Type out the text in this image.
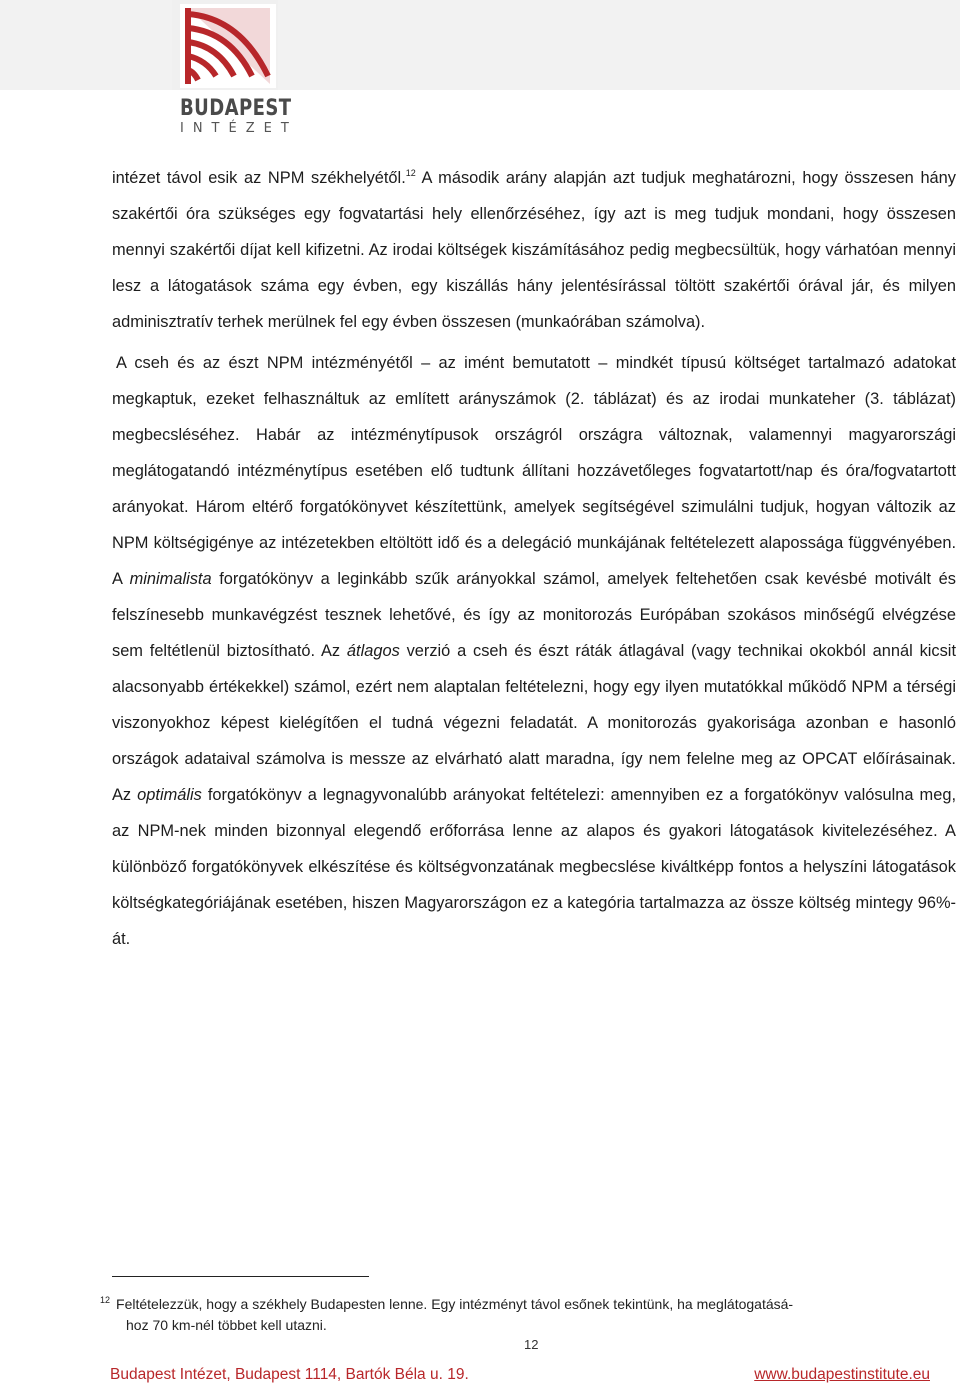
BUDAPEST
INTÉZET

intézet távol esik az NPM székhelyétől.$^{12}$ A második arány alapján azt tudjuk meghatározni, hogy összesen hány szakértői óra szükséges egy fogvatartási hely ellenőrzéséhez, így azt is meg tudjuk mondani, hogy összesen mennyi szakértői díjat kell kifizetni. Az irodai költségek kiszámításához pedig megbecsültük, hogy várhatóan mennyi lesz a látogatások száma egy évben, egy kiszállás hány jelentésírással töltött szakértői órával jár, és milyen adminisztratív terhek merülnek fel egy évben összesen (munkaórában számolva).

A cseh és az észt NPM intézményétől – az imént bemutatott – mindkét típusú költséget tartalmazó adatokat megkaptuk, ezeket felhasználtuk az említett arányszámok (2. táblázat) és az irodai munkateher (3. táblázat) megbecsléséhez. Habár az intézménytípusok országról országra változnak, valamennyi magyarországi meglátogatandó intézménytípus esetében elő tudtunk állítani hozzávetőleges fogvatartott/nap és óra/fogvatartott arányokat. Három eltérő forgatókönyvet készítettünk, amelyek segítségével szimulálni tudjuk, hogyan változik az NPM költségigénye az intézetekben eltöltött idő és a delegáció munkájának feltételezett alapossága függvényében. A minimalista forgatókönyv a leginkább szűk arányokkal számol, amelyek feltehetően csak kevésbé motivált és felszínesebb munkavégzést tesznek lehetővé, és így az monitorozás Európában szokásos minőségű elvégzése sem feltétlenül biztosítható. Az átlagos verzió a cseh és észt ráták átlagával (vagy technikai okokból annál kicsit alacsonyabb értékekkel) számol, ezért nem alaptalan feltételezni, hogy egy ilyen mutatókkal működő NPM a térségi viszonyokhoz képest kielégítően el tudná végezni feladatát. A monitorozás gyakorisága azonban e hasonló országok adataival számolva is messze az elvárható alatt maradna, így nem felelne meg az OPCAT előírásainak. Az optimális forgatókönyv a legnagyvonalúbb arányokat feltételezi: amennyiben ez a forgatókönyv valósulna meg, az NPM-nek minden bizonnyal elegendő erőforrása lenne az alapos és gyakori látogatások kivitelezéséhez. A különböző forgatókönyvek elkészítése és költségvonzatának megbecslése kiváltképp fontos a helyszíni látogatások költségkategóriájának esetében, hiszen Magyarországon ez a kategória tartalmazza az össze költség mintegy 96%-át.

$^{12}$ Feltételezzük, hogy a székhely Budapesten lenne. Egy intézményt távol esőnek tekintünk, ha meglátogatásá-
hoz 70 km-nél többet kell utazni.
12
Budapest Intézet, Budapest 1114, Bartók Béla u. 19.	www.budapestinstitute.eu
